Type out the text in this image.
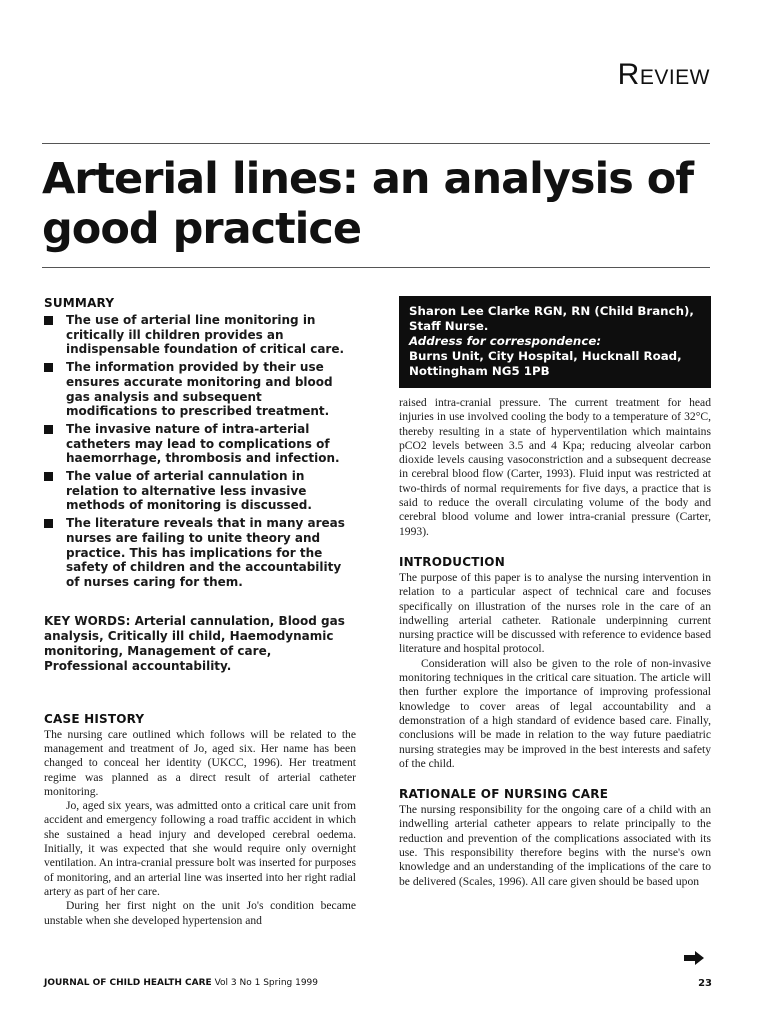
Review
Arterial lines: an analysis of good practice

SUMMARY

The use of arterial line monitoring in critically ill children provides an indispensable foundation of critical care.
The information provided by their use ensures accurate monitoring and blood gas analysis and subsequent modifications to prescribed treatment.
The invasive nature of intra-arterial catheters may lead to complications of haemorrhage, thrombosis and infection.
The value of arterial cannulation in relation to alternative less invasive methods of monitoring is discussed.
The literature reveals that in many areas nurses are failing to unite theory and practice. This has implications for the safety of children and the accountability of nurses caring for them.

KEY WORDS: Arterial cannulation, Blood gas analysis, Critically ill child, Haemodynamic monitoring, Management of care, Professional accountability.

CASE HISTORY

The nursing care outlined which follows will be related to the management and treatment of Jo, aged six. Her name has been changed to conceal her identity (UKCC, 1996). Her treatment regime was planned as a direct result of arterial catheter monitoring.

Jo, aged six years, was admitted onto a critical care unit from accident and emergency following a road traffic accident in which she sustained a head injury and developed cerebral oedema. Initially, it was expected that she would require only overnight ventilation. An intra-cranial pressure bolt was inserted for purposes of monitoring, and an arterial line was inserted into her right radial artery as part of her care.

During her first night on the unit Jo's condition became unstable when she developed hypertension and

Sharon Lee Clarke RGN, RN (Child Branch), Staff Nurse.
Address for correspondence:
Burns Unit, City Hospital, Hucknall Road, Nottingham NG5 1PB

raised intra-cranial pressure. The current treatment for head injuries in use involved cooling the body to a temperature of 32°C, thereby resulting in a state of hyperventilation which maintains pCO2 levels between 3.5 and 4 Kpa; reducing alveolar carbon dioxide levels causing vasoconstriction and a subsequent decrease in cerebral blood flow (Carter, 1993). Fluid input was restricted at two-thirds of normal requirements for five days, a practice that is said to reduce the overall circulating volume of the body and cerebral blood volume and lower intra-cranial pressure (Carter, 1993).

INTRODUCTION

The purpose of this paper is to analyse the nursing intervention in relation to a particular aspect of technical care and focuses specifically on illustration of the nurses role in the care of an indwelling arterial catheter. Rationale underpinning current nursing practice will be discussed with reference to evidence based literature and hospital protocol.

Consideration will also be given to the role of non-invasive monitoring techniques in the critical care situation. The article will then further explore the importance of improving professional knowledge to cover areas of legal accountability and a demonstration of a high standard of evidence based care. Finally, conclusions will be made in relation to the way future paediatric nursing strategies may be improved in the best interests and safety of the child.

RATIONALE OF NURSING CARE

The nursing responsibility for the ongoing care of a child with an indwelling arterial catheter appears to relate principally to the reduction and prevention of the complications associated with its use. This responsibility therefore begins with the nurse's own knowledge and an understanding of the implications of the care to be delivered (Scales, 1996). All care given should be based upon

JOURNAL OF CHILD HEALTH CARE Vol 3 No 1 Spring 1999	23
